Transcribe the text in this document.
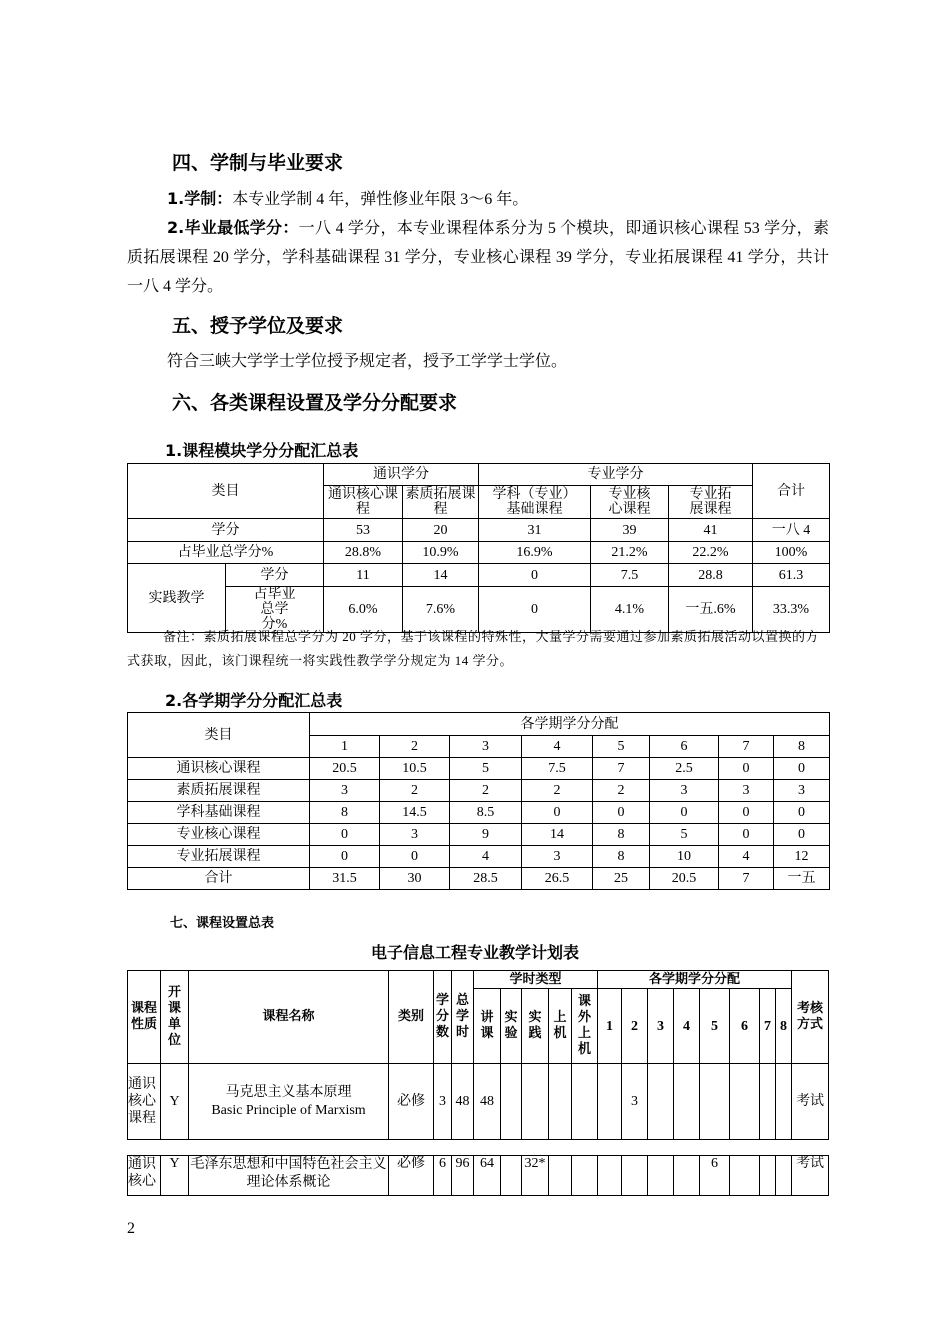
四、学制与毕业要求
1.学制：本专业学制 4 年，弹性修业年限 3～6 年。
2.毕业最低学分：一八 4 学分，本专业课程体系分为 5 个模块，即通识核心课程 53 学分，素质拓展课程 20 学分，学科基础课程 31 学分，专业核心课程 39 学分，专业拓展课程 41 学分，共计一八 4 学分。
五、授予学位及要求
符合三峡大学学士学位授予规定者，授予工学学士学位。
六、各类课程设置及学分分配要求
1.课程模块学分分配汇总表
类目		通识学分		专业学分			合计
		通识核心课程	素质拓展课程	学科（专业）基础课程	专业核心课程	专业拓展课程	
学分		53	20	31	39	41	一八 4
占毕业总学分%		28.8%	10.9%	16.9%	21.2%	22.2%	100%
实践教学	学分	11	14	0	7.5	28.8	61.3
	占毕业总学分%	6.0%	7.6%	0	4.1%	一五.6%	33.3%
备注：素质拓展课程总学分为 20 学分，基于该课程的特殊性，大量学分需要通过参加素质拓展活动以置换的方式获取，因此，该门课程统一将实践性教学学分规定为 14 学分。
2.各学期学分分配汇总表
类目	各学期学分分配							
	1	2	3	4	5	6	7	8
通识核心课程	20.5	10.5	5	7.5	7	2.5	0	0
素质拓展课程	3	2	2	2	2	3	3	3
学科基础课程	8	14.5	8.5	0	0	0	0	0
专业核心课程	0	3	9	14	8	5	0	0
专业拓展课程	0	0	4	3	8	10	4	12
合计	31.5	30	28.5	26.5	25	20.5	7	一五
七、课程设置总表
电子信息工程专业教学计划表
课程性质	开课单位	课程名称	类别	学分数	总学时	学时类型					各学期学分分配								考核方式
						讲课	实验	实践	上机	课外上机	1	2	3	4	5	6	7	8	
通识核心课程	Y	马克思主义基本原理
Basic Principle of Marxism	必修	3	48	48						3							考试

通识核心	Y	毛泽东思想和中国特色社会主义理论体系概论	必修	6	96	64		32*							6				考试
2
